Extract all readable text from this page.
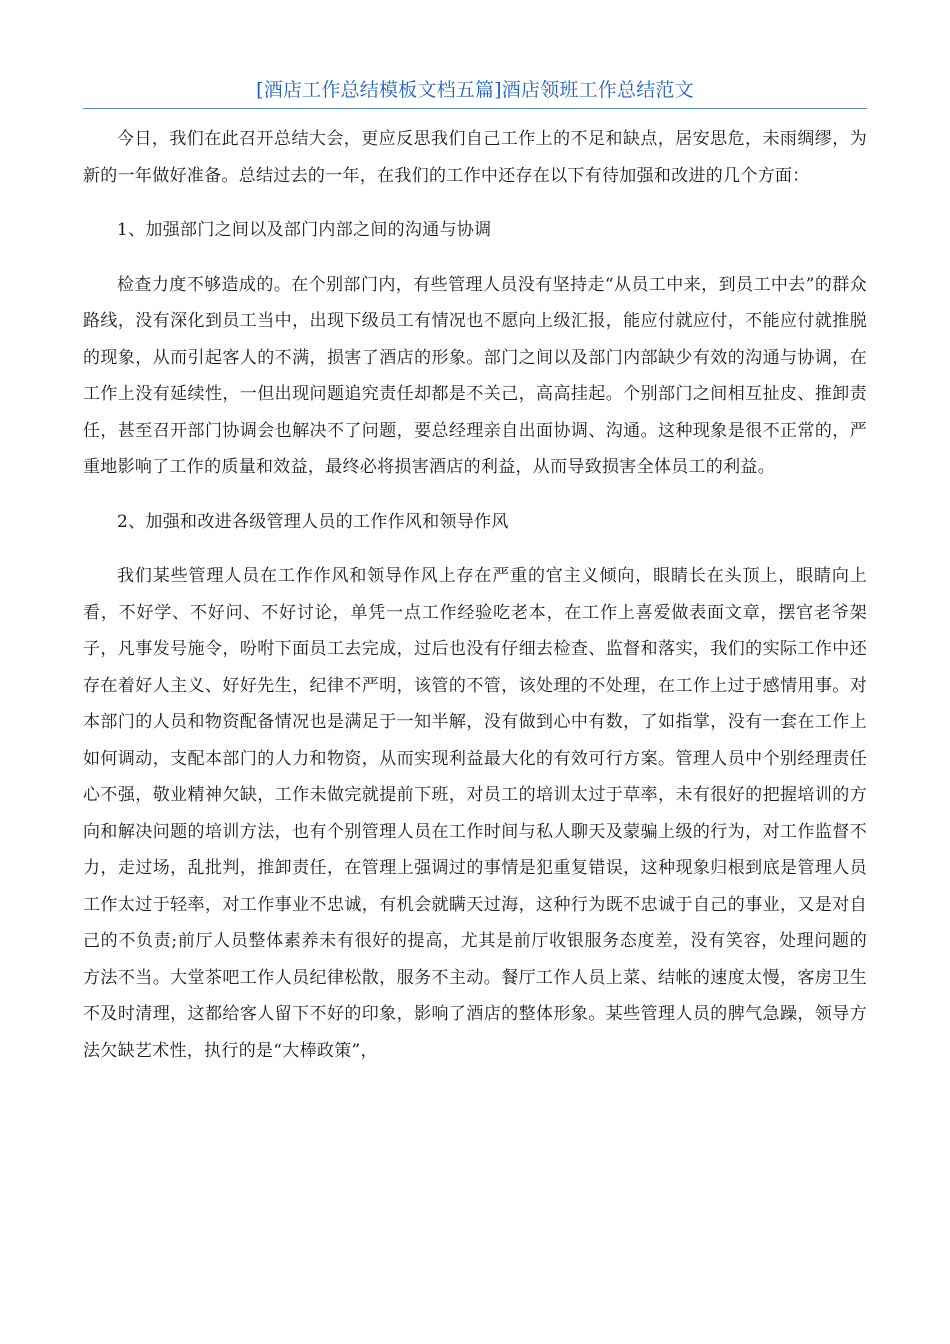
[酒店工作总结模板文档五篇]酒店领班工作总结范文

今日，我们在此召开总结大会，更应反思我们自己工作上的不足和缺点，居安思危，未雨绸缪，为新的一年做好准备。总结过去的一年，在我们的工作中还存在以下有待加强和改进的几个方面：

1、加强部门之间以及部门内部之间的沟通与协调

检查力度不够造成的。在个别部门内，有些管理人员没有坚持走“从员工中来，到员工中去”的群众路线，没有深化到员工当中，出现下级员工有情况也不愿向上级汇报，能应付就应付，不能应付就推脱的现象，从而引起客人的不满，损害了酒店的形象。部门之间以及部门内部缺少有效的沟通与协调，在工作上没有延续性，一但出现问题追究责任却都是不关己，高高挂起。个别部门之间相互扯皮、推卸责任，甚至召开部门协调会也解决不了问题，要总经理亲自出面协调、沟通。这种现象是很不正常的，严重地影响了工作的质量和效益，最终必将损害酒店的利益，从而导致损害全体员工的利益。

2、加强和改进各级管理人员的工作作风和领导作风

我们某些管理人员在工作作风和领导作风上存在严重的官主义倾向，眼睛长在头顶上，眼睛向上看，不好学、不好问、不好讨论，单凭一点工作经验吃老本，在工作上喜爱做表面文章，摆官老爷架子，凡事发号施令，吩咐下面员工去完成，过后也没有仔细去检查、监督和落实，我们的实际工作中还存在着好人主义、好好先生，纪律不严明，该管的不管，该处理的不处理，在工作上过于感情用事。对本部门的人员和物资配备情况也是满足于一知半解，没有做到心中有数，了如指掌，没有一套在工作上如何调动，支配本部门的人力和物资，从而实现利益最大化的有效可行方案。管理人员中个别经理责任心不强，敬业精神欠缺，工作未做完就提前下班，对员工的培训太过于草率，未有很好的把握培训的方向和解决问题的培训方法，也有个别管理人员在工作时间与私人聊天及蒙骗上级的行为，对工作监督不力，走过场，乱批判，推卸责任，在管理上强调过的事情是犯重复错误，这种现象归根到底是管理人员工作太过于轻率，对工作事业不忠诚，有机会就瞒天过海，这种行为既不忠诚于自己的事业，又是对自己的不负责;前厅人员整体素养未有很好的提高，尤其是前厅收银服务态度差，没有笑容，处理问题的方法不当。大堂茶吧工作人员纪律松散，服务不主动。餐厅工作人员上菜、结帐的速度太慢，客房卫生不及时清理，这都给客人留下不好的印象，影响了酒店的整体形象。某些管理人员的脾气急躁，领导方法欠缺艺术性，执行的是“大棒政策”，
